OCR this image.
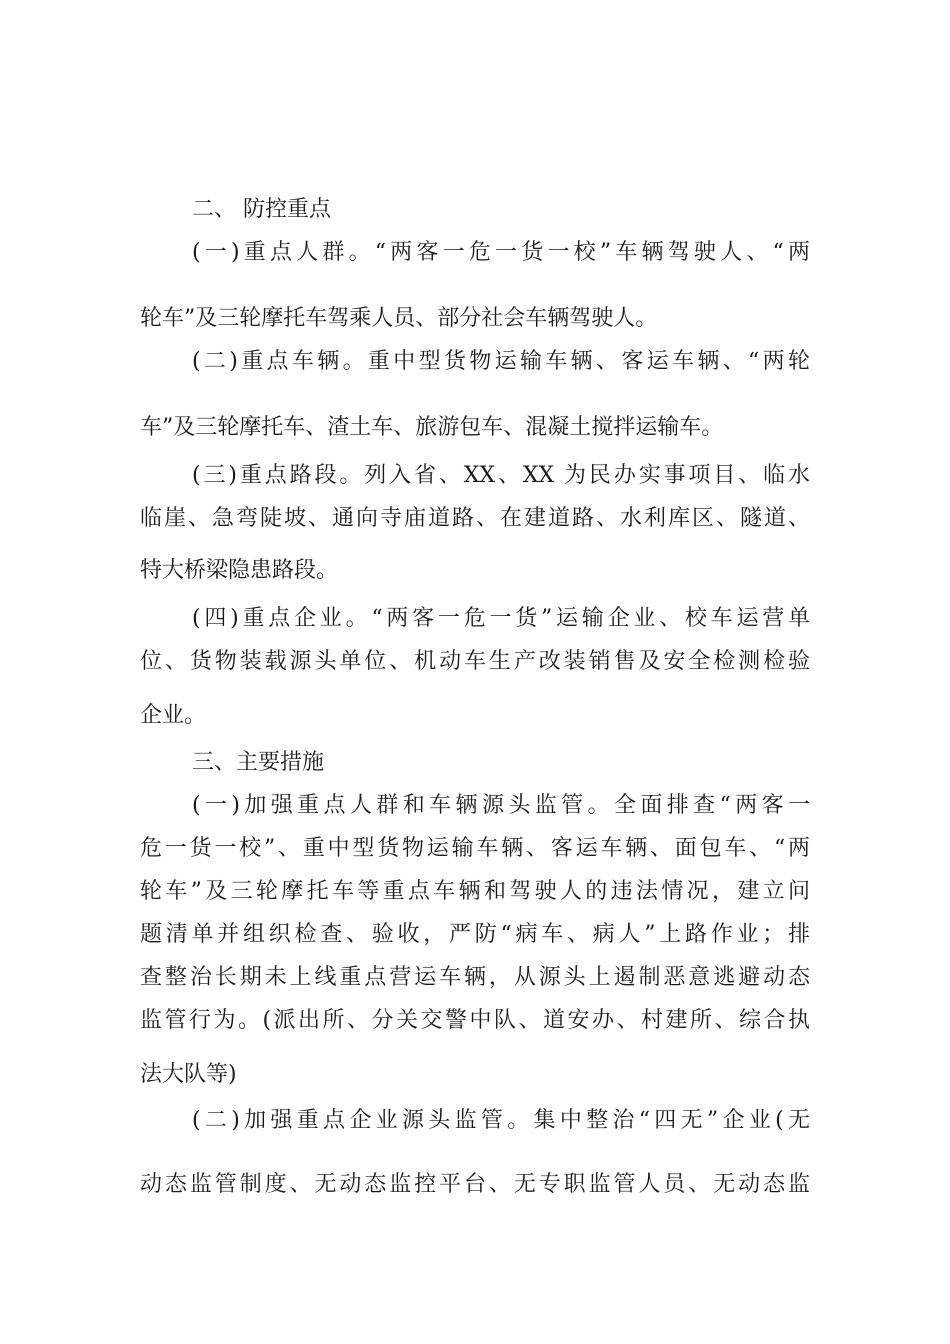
二、 防控重点
(一)重点人群。“两客一危一货一校”车辆驾驶人、“两
轮车”及三轮摩托车驾乘人员、部分社会车辆驾驶人。
(二)重点车辆。重中型货物运输车辆、客运车辆、“两轮
车”及三轮摩托车、渣土车、旅游包车、混凝土搅拌运输车。
(三)重点路段。列入省、XX、XX 为民办实事项目、临水
临崖、急弯陡坡、通向寺庙道路、在建道路、水利库区、隧道、
特大桥梁隐患路段。
(四)重点企业。“两客一危一货”运输企业、校车运营单
位、货物装载源头单位、机动车生产改装销售及安全检测检验
企业。
三、主要措施
(一)加强重点人群和车辆源头监管。全面排查“两客一
危一货一校”、重中型货物运输车辆、客运车辆、面包车、“两
轮车”及三轮摩托车等重点车辆和驾驶人的违法情况，建立问
题清单并组织检查、验收，严防“病车、病人”上路作业；排
查整治长期未上线重点营运车辆，从源头上遏制恶意逃避动态
监管行为。(派出所、分关交警中队、道安办、村建所、综合执
法大队等)
(二)加强重点企业源头监管。集中整治“四无”企业(无
动态监管制度、无动态监控平台、无专职监管人员、无动态监
